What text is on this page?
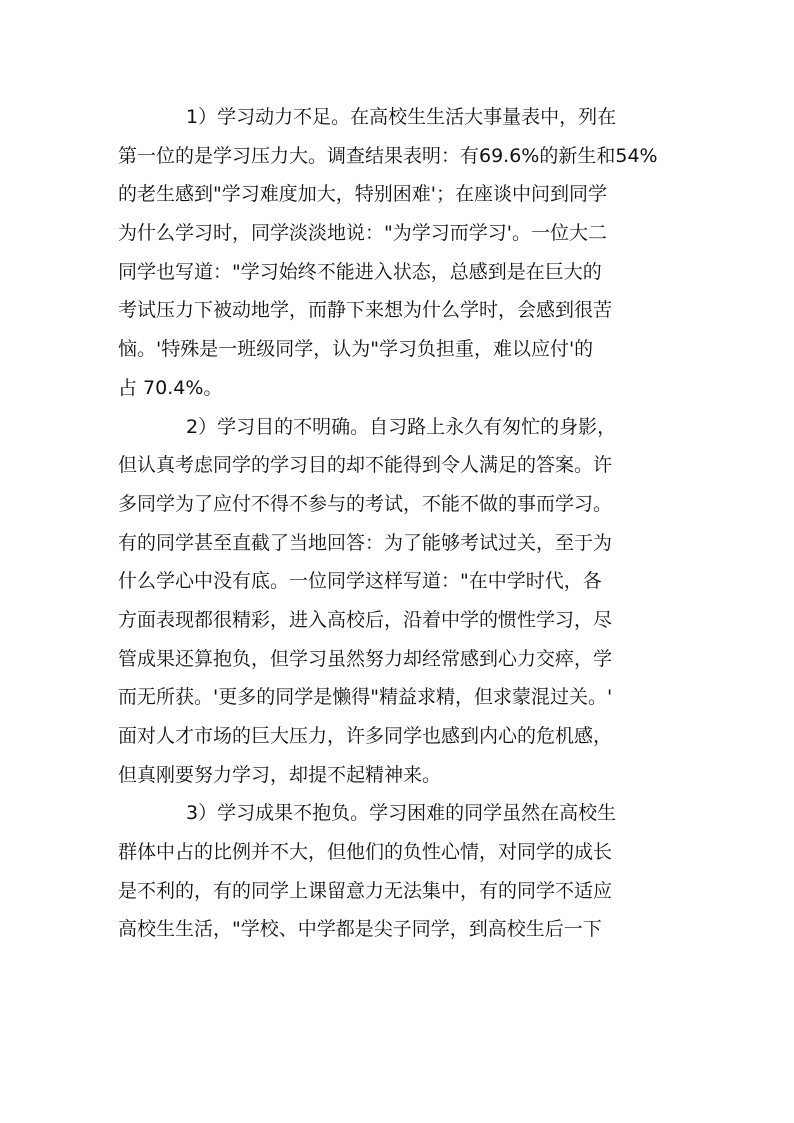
1）学习动力不足。在高校生生活大事量表中，列在
第一位的是学习压力大。调查结果表明：有69.6%的新生和54%
的老生感到"学习难度加大，特别困难'；在座谈中问到同学
为什么学习时，同学淡淡地说："为学习而学习'。一位大二
同学也写道："学习始终不能进入状态，总感到是在巨大的
考试压力下被动地学，而静下来想为什么学时，会感到很苦
恼。'特殊是一班级同学，认为"学习负担重，难以应付'的
占 70.4%。
2）学习目的不明确。自习路上永久有匆忙的身影，
但认真考虑同学的学习目的却不能得到令人满足的答案。许
多同学为了应付不得不参与的考试，不能不做的事而学习。
有的同学甚至直截了当地回答：为了能够考试过关，至于为
什么学心中没有底。一位同学这样写道："在中学时代，各
方面表现都很精彩，进入高校后，沿着中学的惯性学习，尽
管成果还算抱负，但学习虽然努力却经常感到心力交瘁，学
而无所获。'更多的同学是懒得"精益求精，但求蒙混过关。'
面对人才市场的巨大压力，许多同学也感到内心的危机感，
但真刚要努力学习，却提不起精神来。
3）学习成果不抱负。学习困难的同学虽然在高校生
群体中占的比例并不大，但他们的负性心情，对同学的成长
是不利的，有的同学上课留意力无法集中，有的同学不适应
高校生生活，"学校、中学都是尖子同学，到高校生后一下
